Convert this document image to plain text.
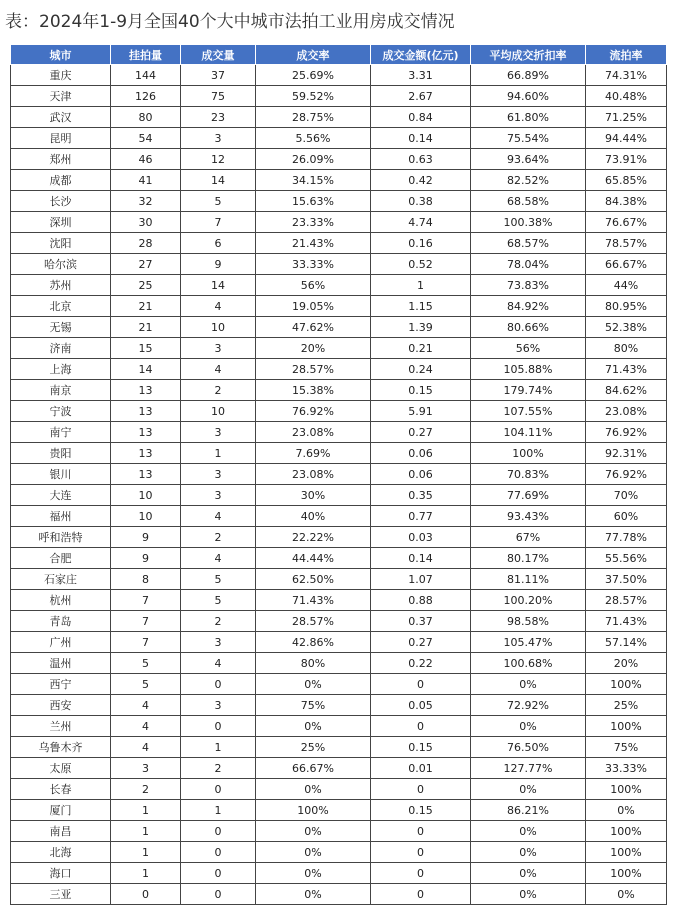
表：2024年1-9月全国40个大中城市法拍工业用房成交情况
城市	挂拍量	成交量	成交率	成交金额(亿元)	平均成交折扣率	流拍率
重庆	144	37	25.69%	3.31	66.89%	74.31%
天津	126	75	59.52%	2.67	94.60%	40.48%
武汉	80	23	28.75%	0.84	61.80%	71.25%
昆明	54	3	5.56%	0.14	75.54%	94.44%
郑州	46	12	26.09%	0.63	93.64%	73.91%
成都	41	14	34.15%	0.42	82.52%	65.85%
长沙	32	5	15.63%	0.38	68.58%	84.38%
深圳	30	7	23.33%	4.74	100.38%	76.67%
沈阳	28	6	21.43%	0.16	68.57%	78.57%
哈尔滨	27	9	33.33%	0.52	78.04%	66.67%
苏州	25	14	56%	1	73.83%	44%
北京	21	4	19.05%	1.15	84.92%	80.95%
无锡	21	10	47.62%	1.39	80.66%	52.38%
济南	15	3	20%	0.21	56%	80%
上海	14	4	28.57%	0.24	105.88%	71.43%
南京	13	2	15.38%	0.15	179.74%	84.62%
宁波	13	10	76.92%	5.91	107.55%	23.08%
南宁	13	3	23.08%	0.27	104.11%	76.92%
贵阳	13	1	7.69%	0.06	100%	92.31%
银川	13	3	23.08%	0.06	70.83%	76.92%
大连	10	3	30%	0.35	77.69%	70%
福州	10	4	40%	0.77	93.43%	60%
呼和浩特	9	2	22.22%	0.03	67%	77.78%
合肥	9	4	44.44%	0.14	80.17%	55.56%
石家庄	8	5	62.50%	1.07	81.11%	37.50%
杭州	7	5	71.43%	0.88	100.20%	28.57%
青岛	7	2	28.57%	0.37	98.58%	71.43%
广州	7	3	42.86%	0.27	105.47%	57.14%
温州	5	4	80%	0.22	100.68%	20%
西宁	5	0	0%	0	0%	100%
西安	4	3	75%	0.05	72.92%	25%
兰州	4	0	0%	0	0%	100%
乌鲁木齐	4	1	25%	0.15	76.50%	75%
太原	3	2	66.67%	0.01	127.77%	33.33%
长春	2	0	0%	0	0%	100%
厦门	1	1	100%	0.15	86.21%	0%
南昌	1	0	0%	0	0%	100%
北海	1	0	0%	0	0%	100%
海口	1	0	0%	0	0%	100%
三亚	0	0	0%	0	0%	0%
